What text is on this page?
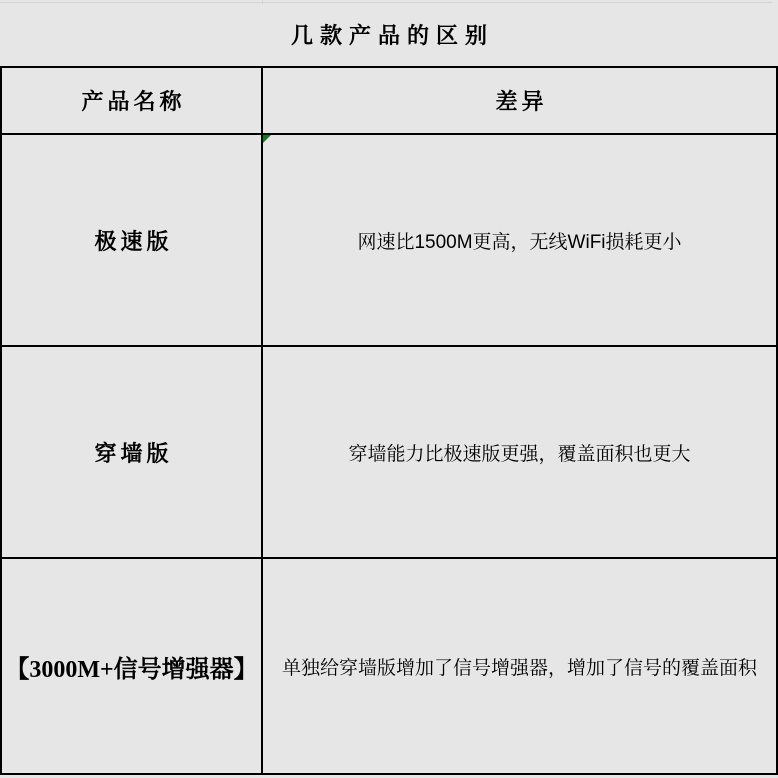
几款产品的区别
产品名称	差异
极速版	网速比1500M更高，无线WiFi损耗更小
穿墙版	穿墙能力比极速版更强，覆盖面积也更大
【3000M+信号增强器】	单独给穿墙版增加了信号增强器，增加了信号的覆盖面积
